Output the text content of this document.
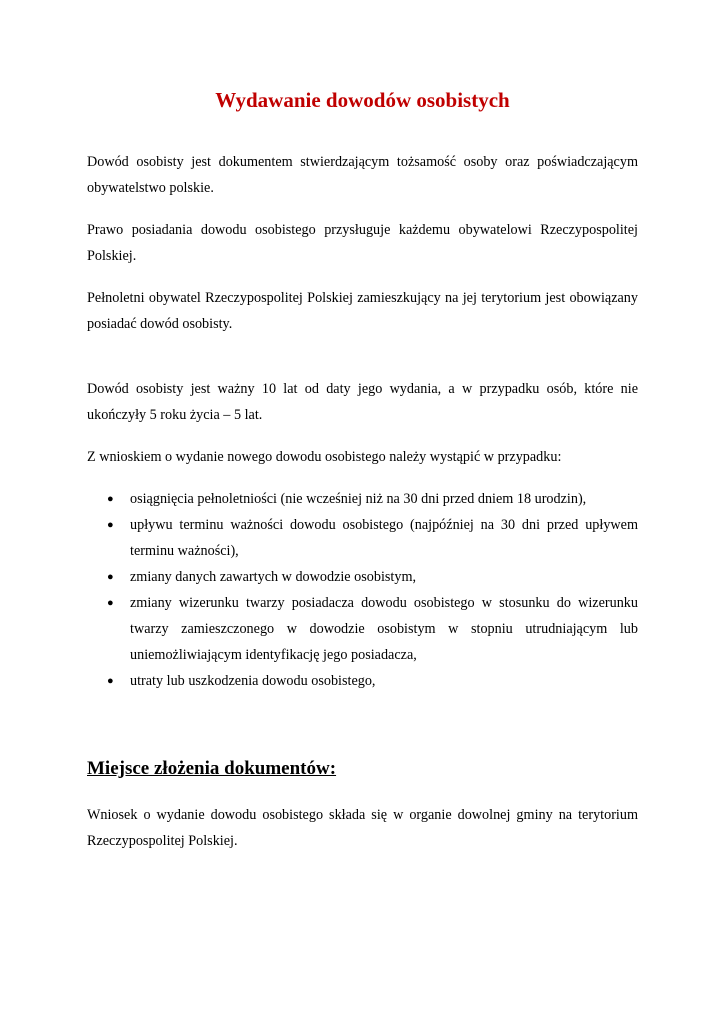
Wydawanie dowodów osobistych

Dowód osobisty jest dokumentem stwierdzającym tożsamość osoby oraz poświadczającym obywatelstwo polskie.

Prawo posiadania dowodu osobistego przysługuje każdemu obywatelowi Rzeczypospolitej Polskiej.

Pełnoletni obywatel Rzeczypospolitej Polskiej zamieszkujący na jej terytorium jest obowiązany posiadać dowód osobisty.

Dowód osobisty jest ważny 10 lat od daty jego wydania, a w przypadku osób, które nie ukończyły 5 roku życia – 5 lat.

Z wnioskiem o wydanie nowego dowodu osobistego należy wystąpić w przypadku:

● osiągnięcia pełnoletniości (nie wcześniej niż na 30 dni przed dniem 18 urodzin),
● upływu terminu ważności dowodu osobistego (najpóźniej na 30 dni przed upływem terminu ważności),
● zmiany danych zawartych w dowodzie osobistym,
● zmiany wizerunku twarzy posiadacza dowodu osobistego w stosunku do wizerunku twarzy zamieszczonego w dowodzie osobistym w stopniu utrudniającym lub uniemożliwiającym identyfikację jego posiadacza,
● utraty lub uszkodzenia dowodu osobistego,
Miejsce złożenia dokumentów:

Wniosek o wydanie dowodu osobistego składa się w organie dowolnej gminy na terytorium Rzeczypospolitej Polskiej.
